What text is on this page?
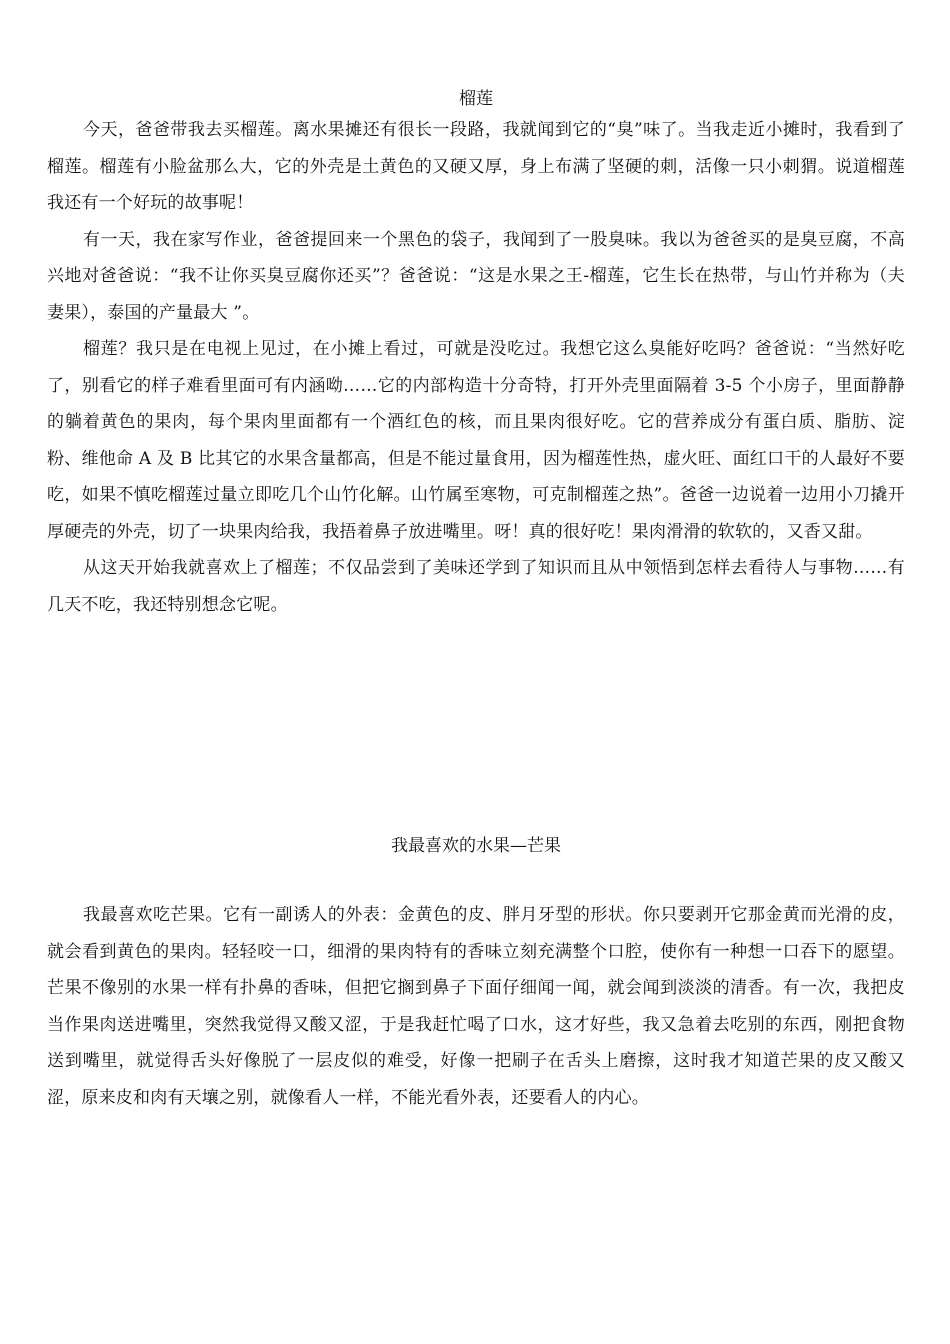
榴莲

今天，爸爸带我去买榴莲。离水果摊还有很长一段路，我就闻到它的“臭”味了。当我走近小摊时，我看到了榴莲。榴莲有小脸盆那么大，它的外壳是土黄色的又硬又厚，身上布满了坚硬的刺，活像一只小刺猬。说道榴莲我还有一个好玩的故事呢！

有一天，我在家写作业，爸爸提回来一个黑色的袋子，我闻到了一股臭味。我以为爸爸买的是臭豆腐，不高兴地对爸爸说：“我不让你买臭豆腐你还买”？爸爸说：“这是水果之王-榴莲，它生长在热带，与山竹并称为（夫妻果），泰国的产量最大 ”。

榴莲？我只是在电视上见过，在小摊上看过，可就是没吃过。我想它这么臭能好吃吗？爸爸说：“当然好吃了，别看它的样子难看里面可有内涵呦……它的内部构造十分奇特，打开外壳里面隔着 3-5 个小房子，里面静静的躺着黄色的果肉，每个果肉里面都有一个酒红色的核，而且果肉很好吃。它的营养成分有蛋白质、脂肪、淀粉、维他命 A 及 B 比其它的水果含量都高，但是不能过量食用，因为榴莲性热，虚火旺、面红口干的人最好不要吃，如果不慎吃榴莲过量立即吃几个山竹化解。山竹属至寒物，可克制榴莲之热”。爸爸一边说着一边用小刀撬开厚硬壳的外壳，切了一块果肉给我，我捂着鼻子放进嘴里。呀！真的很好吃！果肉滑滑的软软的，又香又甜。

从这天开始我就喜欢上了榴莲；不仅品尝到了美味还学到了知识而且从中领悟到怎样去看待人与事物……有几天不吃，我还特别想念它呢。

我最喜欢的水果—芒果

我最喜欢吃芒果。它有一副诱人的外表：金黄色的皮、胖月牙型的形状。你只要剥开它那金黄而光滑的皮，就会看到黄色的果肉。轻轻咬一口，细滑的果肉特有的香味立刻充满整个口腔，使你有一种想一口吞下的愿望。芒果不像别的水果一样有扑鼻的香味，但把它搁到鼻子下面仔细闻一闻，就会闻到淡淡的清香。有一次，我把皮当作果肉送进嘴里，突然我觉得又酸又涩，于是我赶忙喝了口水，这才好些，我又急着去吃别的东西，刚把食物送到嘴里，就觉得舌头好像脱了一层皮似的难受，好像一把刷子在舌头上磨擦，这时我才知道芒果的皮又酸又涩，原来皮和肉有天壤之别，就像看人一样，不能光看外表，还要看人的内心。
